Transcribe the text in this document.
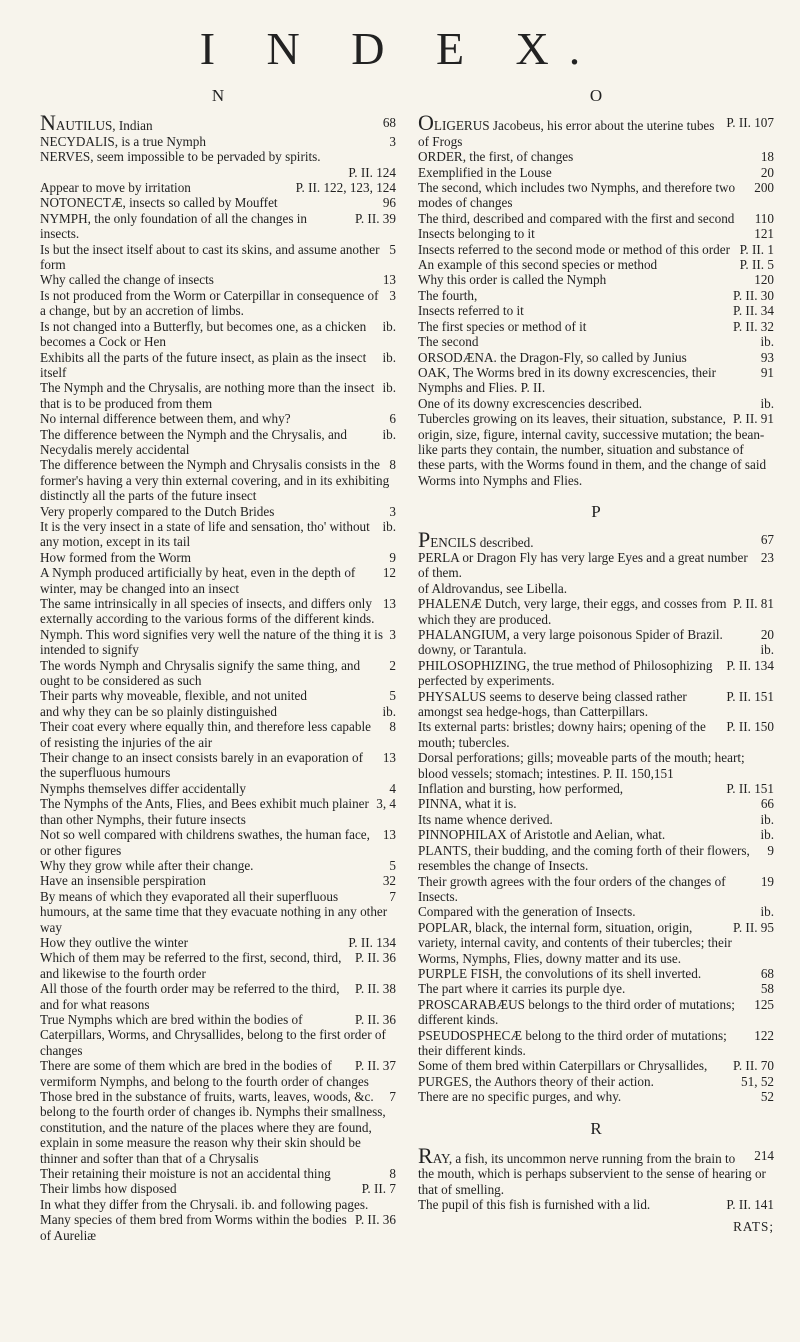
I N D E X.
N

68
NAUTILUS, Indian

3
NECYDALIS, is a true Nymph

NERVES, seem impossible to be pervaded by spirits.

P. II. 124

P. II. 122, 123, 124
Appear to move by irritation

96
NOTONECTÆ, insects so called by Mouffet

P. II. 39
NYMPH, the only foundation of all the changes in insects.

5
Is but the insect itself about to cast its skins, and assume another form

13
Why called the change of insects

3
Is not produced from the Worm or Caterpillar in consequence of a change, but by an accretion of limbs.

ib.
Is not changed into a Butterfly, but becomes one, as a chicken becomes a Cock or Hen

ib.
Exhibits all the parts of the future insect, as plain as the insect itself

ib.
The Nymph and the Chrysalis, are nothing more than the insect that is to be produced from them

6
No internal difference between them, and why?

ib.
The difference between the Nymph and the Chrysalis, and Necydalis merely accidental

8
The difference between the Nymph and Chrysalis consists in the former's having a very thin external covering, and in its exhibiting distinctly all the parts of the future insect

3
Very properly compared to the Dutch Brides

ib.
It is the very insect in a state of life and sensation, tho' without any motion, except in its tail

9
How formed from the Worm

12
A Nymph produced artificially by heat, even in the depth of winter, may be changed into an insect

13
The same intrinsically in all species of insects, and differs only externally according to the various forms of the different kinds.

3
Nymph. This word signifies very well the nature of the thing it is intended to signify

2
The words Nymph and Chrysalis signify the same thing, and ought to be considered as such

5
Their parts why moveable, flexible, and not united

ib.
and why they can be so plainly distinguished

8
Their coat every where equally thin, and therefore less capable of resisting the injuries of the air

13
Their change to an insect consists barely in an evaporation of the superfluous humours

4
Nymphs themselves differ accidentally

3, 4
The Nymphs of the Ants, Flies, and Bees exhibit much plainer than other Nymphs, their future insects

13
Not so well compared with childrens swathes, the human face, or other figures

5
Why they grow while after their change.

32
Have an insensible perspiration

7
By means of which they evaporated all their superfluous humours, at the same time that they evacuate nothing in any other way

P. II. 134
How they outlive the winter

P. II. 36
Which of them may be referred to the first, second, third, and likewise to the fourth order

P. II. 38
All those of the fourth order may be referred to the third, and for what reasons

P. II. 36
True Nymphs which are bred within the bodies of Caterpillars, Worms, and Chrysallides, belong to the first order of changes

P. II. 37
There are some of them which are bred in the bodies of vermiform Nymphs, and belong to the fourth order of changes

7
Those bred in the substance of fruits, warts, leaves, woods, &c. belong to the fourth order of changes ib. Nymphs their smallness, constitution, and the nature of the places where they are found, explain in some measure the reason why their skin should be thinner and softer than that of a Chrysalis

8
Their retaining their moisture is not an accidental thing

P. II. 7
Their limbs how disposed

In what they differ from the Chrysali. ib. and following pages.

P. II. 36
Many species of them bred from Worms within the bodies of Aureliæ

O

P. II. 107
OLIGERUS Jacobeus, his error about the uterine tubes of Frogs

18
ORDER, the first, of changes

20
Exemplified in the Louse

200
The second, which includes two Nymphs, and therefore two modes of changes

110
The third, described and compared with the first and second

121
Insects belonging to it

P. II. 1
Insects referred to the second mode or method of this order

P. II. 5
An example of this second species or method

120
Why this order is called the Nymph

P. II. 30
The fourth,

P. II. 34
Insects referred to it

P. II. 32
The first species or method of it

ib.
The second

93
ORSODÆNA. the Dragon-Fly, so called by Junius

91
OAK, The Worms bred in its downy excrescencies, their Nymphs and Flies. P. II.

ib.
One of its downy excrescencies described.

P. II. 91
Tubercles growing on its leaves, their situation, substance, origin, size, figure, internal cavity, successive mutation; the bean-like parts they contain, the number, situation and substance of these parts, with the Worms found in them, and the change of said Worms into Nymphs and Flies.

P

67
PENCILS described.

23
PERLA or Dragon Fly has very large Eyes and a great number of them.

of Aldrovandus, see Libella.

P. II. 81
PHALENÆ Dutch, very large, their eggs, and cosses from which they are produced.

20
PHALANGIUM, a very large poisonous Spider of Brazil.

ib.
downy, or Tarantula.

P. II. 134
PHILOSOPHIZING, the true method of Philosophizing perfected by experiments.

P. II. 151
PHYSALUS seems to deserve being classed rather amongst sea hedge-hogs, than Catterpillars.

P. II. 150
Its external parts: bristles; downy hairs; opening of the mouth; tubercles.

Dorsal perforations; gills; moveable parts of the mouth; heart; blood vessels; stomach; intestines. P. II. 150,151

P. II. 151
Inflation and bursting, how performed,

66
PINNA, what it is.

ib.
Its name whence derived.

ib.
PINNOPHILAX of Aristotle and Aelian, what.

9
PLANTS, their budding, and the coming forth of their flowers, resembles the change of Insects.

19
Their growth agrees with the four orders of the changes of Insects.

ib.
Compared with the generation of Insects.

P. II. 95
POPLAR, black, the internal form, situation, origin, variety, internal cavity, and contents of their tubercles; their Worms, Nymphs, Flies, downy matter and its use.

68
PURPLE FISH, the convolutions of its shell inverted.

58
The part where it carries its purple dye.

125
PROSCARABÆUS belongs to the third order of mutations; different kinds.

122
PSEUDOSPHECÆ belong to the third order of mutations; their different kinds.

P. II. 70
Some of them bred within Caterpillars or Chrysallides,

51, 52
PURGES, the Authors theory of their action.

52
There are no specific purges, and why.

R

214
RAY, a fish, its uncommon nerve running from the brain to the mouth, which is perhaps subservient to the sense of hearing or that of smelling.

P. II. 141
The pupil of this fish is furnished with a lid.

RATS;
